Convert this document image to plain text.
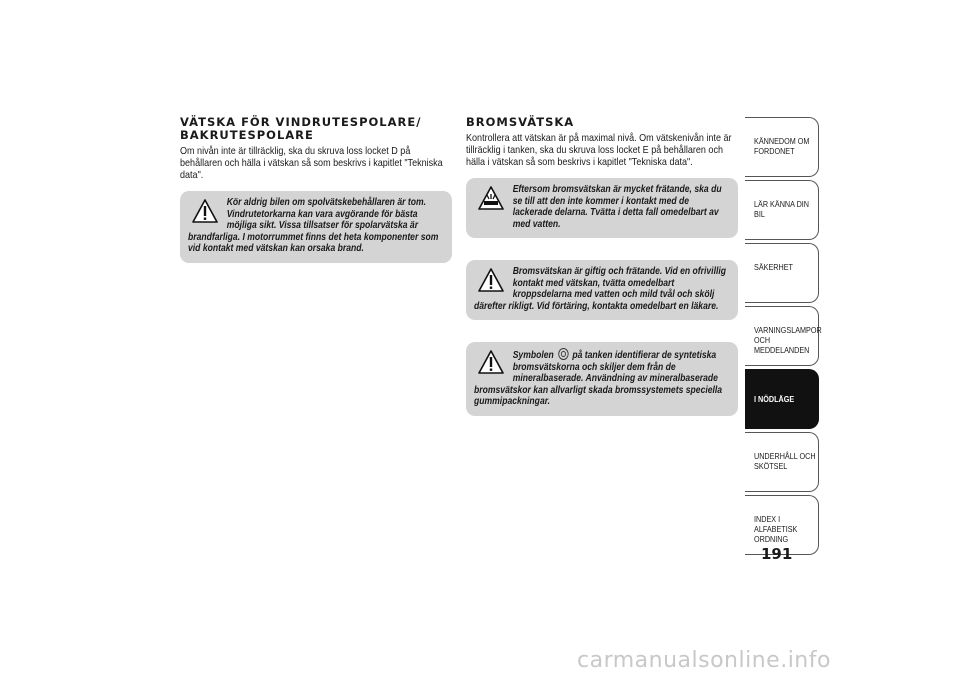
VÄTSKA FÖR VINDRUTESPOLARE/
BAKRUTESPOLARE

Om nivån inte är tillräcklig, ska du skruva loss locket D på behållaren och hälla i vätskan så som beskrivs i kapitlet "Tekniska data".

Kör aldrig bilen om spolvätskebehållaren är tom. Vindrutetorkarna kan vara avgörande för bästa möjliga sikt. Vissa tillsatser för spolarvätska är
brandfarliga. I motorrummet finns det heta komponenter som vid kontakt med vätskan kan orsaka brand.
BROMSVÄTSKA

Kontrollera att vätskan är på maximal nivå. Om vätskenivån inte är tillräcklig i tanken, ska du skruva loss locket E på behållaren och hälla i vätskan så som beskrivs i kapitlet "Tekniska data".

Eftersom bromsvätskan är mycket frätande, ska du se till att den inte kommer i kontakt med de lackerade delarna. Tvätta i detta fall omedelbart av med vatten.
Bromsvätskan är giftig och frätande. Vid en ofrivillig kontakt med vätskan, tvätta omedelbart kroppsdelarna med vatten och mild tvål och skölj
därefter rikligt. Vid förtäring, kontakta omedelbart en läkare.
Symbolen på tanken identifierar de syntetiska bromsvätskorna och skiljer dem från de mineralbaserade. Användning av mineralbaserade
bromsvätskor kan allvarligt skada bromssystemets speciella gummipackningar.
KÄNNEDOM OM FORDONET
LÄR KÄNNA DIN BIL
SÄKERHET
VARNINGSLAMPOR OCH MEDDELANDEN
I NÖDLÄGE
UNDERHÅLL OCH SKÖTSEL
INDEX I ALFABETISK ORDNING
191
carmanualsonline.info
